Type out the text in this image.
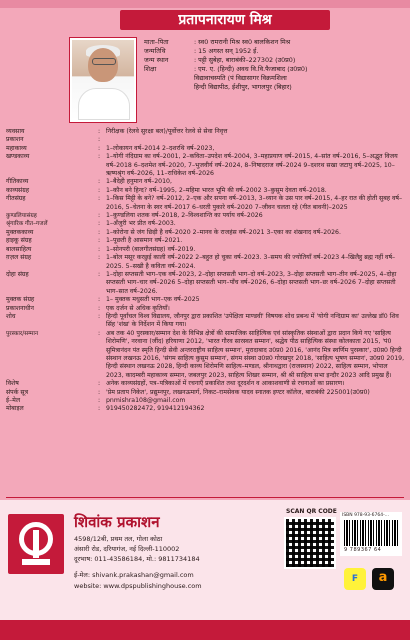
प्रतापनारायण मिश्र
माता–पिता	: स्व0 रामरानी मिश्र स्व0 बालकिशन मिश्र
जन्मतिथि	: 15 अगस्त सन् 1952 ई.
जन्म स्थान	: पट्टी सुबेहा, बाराबंकी–227302 (उ0प्र0)
शिक्षा	: एम. ए. (हिन्दी) अवध वि.वि.फैजाबाद (उ0प्र0)
विद्यावाचस्पति (पं विद्यासागर विक्रमशिला
हिन्दी विद्यापीठ, ईशीपुर, भागलपुर (बिहार)
व्यवसाय	: निरीक्षक (रेलवे सुरक्षा बल)/पूर्वोत्तर रेलवे से सेवा निवृत्त
प्रकाशन	:
महाकाव्य	: 1–लोकायन वर्ष–2014 2–दशरथि वर्ष–2023,
खण्डकाव्य	: 1–योगी नंदिग्राम का वर्ष–2001, 2–कविता–उपदेश वर्ष–2004, 3–महाप्रयाण वर्ष–2015, 4–सांत वर्ष–2016, 5–अद्भुत विजय वर्ष–2018 6–दशमेश वर्ष–2020, 7–भुजवीर्य वर्ष–2024, 8–निषादराज वर्ष–2024 9–दशरथ सखा जटायु वर्ष–2025, 10–ऋष्यश्रृंग वर्ष–2026, 11–राधिकेश वर्ष–2026
गीतिकाव्य	: 1–बैदेही हनुमान वर्ष–2010,
काव्यसंग्रह	: 1–कौन बने हिन्द? वर्ष–1995, 2–महिमा भारत भूमि की वर्ष–2002 3–कुसुम देवता वर्ष–2018.
गीतसंग्रह	: 1–किस मिट्टी के बने? वर्ष–2012, 2–एक और सपना वर्ष–2013, 3–ध्यान के उस पार वर्ष–2015, 4–हर रात की होती सुबह वर्ष–2016, 5–चेतना के स्वर वर्ष–2017 6–धरती पुकारे वर्ष–2020 7–जीवन चलता रहे (गीत बावनी)–2025
कुण्डलियासंग्रह	: 1–कुण्डलिया शतक वर्ष–2018, 2–विश्वशान्ति का पर्याय वर्ष–2026
श्रृंगारिक गीत–गजलें	: 1–अँजुरी भर प्रीत वर्ष–2003.
मुक्तककाव्य	: 1–कोरोना से जंग छिड़ी है वर्ष–2020 2–मानव के राजहंस वर्ष–2021 3–एका का शंखनाद वर्ष–2026.
हाइकू संग्रह	: 1–पूछती है आसमान वर्ष–2021.
बालसाहित्य	: 1–सोनपरी (बालगीतसंग्रह) वर्ष–2019.
ग़ज़ल संग्रह	: 1–बोल मसूर करछुई काली वर्ष–2022 2–बहुत हो चुका वर्ष–2023. 3–समय की ज्योतियाँ वर्ष–2023 4–खिलैहु ब्रह्म नहीं वर्ष–2025. 5–सखी है कविता वर्ष–2024.
दोहा संग्रह	: 1–दोहा सप्तसती भाग–एक वर्ष–2023, 2–दोहा सप्तसती भाग–दो वर्ष–2023, 3–दोहा सप्तसती भाग–तीन वर्ष–2025, 4–दोहा सप्तसती भाग–चार वर्ष–2026 5–दोहा सप्तसती भाग–पाँच वर्ष–2026, 6–दोहा सप्तसती भाग–छः वर्ष–2026 7–दोहा सप्तसती भाग–सात वर्ष–2026.
मुक्तक संग्रह	: 1– मुक्तक मधुसती भाग–एक वर्ष–2025
प्रकाशनाधीन	: एक दर्जन से अधिक कृतियाँ।
शोध	: हिन्दी पूर्वांचल विश्व विद्यालय, जौनपुर द्वारा प्रकाशित 'उपेक्षिता माण्डवी' विषयक शोध प्रबन्ध में 'योगी नन्दिग्राम का' उल्लेख डॉ0 शिव सिंह 'शंख' के निर्देशन में किया गया।
पुरस्कार/सम्मान	: अब तक 40 पुरस्कार/सम्मान देश के विभिन्न क्षेत्रों की सामाजिक साहित्यिक एवं सांस्कृतिक संस्थाओं द्वारा प्रदान किये गए 'साहित्य शिरोमणि', नरवाना (जींद) हरियाणा 2012, 'भारत गौरव सारस्वत सम्मान', श्रद्धेय पीठ साहित्यिक संस्था कोलकाता 2015, 'पं0 सुमित्रानंदन पंत स्मृति हिन्दी सेवी अन्तरराष्ट्रीय साहित्य सम्मान', मुरादाबाद उ0प्र0 2016, 'आनंद मित्र स्वर्णिम पुरस्कार', उ0प्र0 हिन्दी संस्थान लखनऊ 2016, 'संगम साहित्य कुसुम सम्मान', संगम संस्था उ0प्र0 गोरखपुर 2018, 'साहित्य भूषण सम्मान', उ0प्र0 2019, हिन्दी संस्थान लखनऊ 2028, हिन्दी काव्य शिरोमणि साहित्य–मण्डल, श्रीनाथद्वारा (राजस्थान) 2022, साहित्य सम्मान, भोपाल 2023, कादम्बरी महाकाव्य सम्मान, जबलपुर 2023, साहित्य शिखर सम्मान, श्री श्री साहित्य सभा इन्दौर 2023 आदि प्रमुख हैं।
विशेष	: अनेक काव्यसंग्रहों, पत्र–पत्रिकाओं में रचनाएँ प्रकाशित तथा दूरदर्शन व आकाशवाणी से रचनाओं का प्रसारण।
संपर्क सूत्र	: 'प्रेम प्रताप निकेत', प्रद्युम्नपुर, लखनऊमार्ग, निकट–रामसेवक यादव स्नातक इण्टर कॉलेज, बाराबंकी 225001(उ0प्र0)
ई–मेल	: pnmishra108@gmail.com
मोबाइल	: 919450282472, 919412194362
शिवांक प्रकाशन
4598/12बी, प्रथम तल, गोला कोठा
अंसारी रोड, दरियागंज, नई दिल्ली-110002
दूरभाष: 011-43586184, मो.: 9811734184
ई-मेल: shivank.prakashan@gmail.com
website: www.dpspublishinghouse.com
SCAN QR CODE
ISBN 978-93-6764-...
9 789367 64
F	a
